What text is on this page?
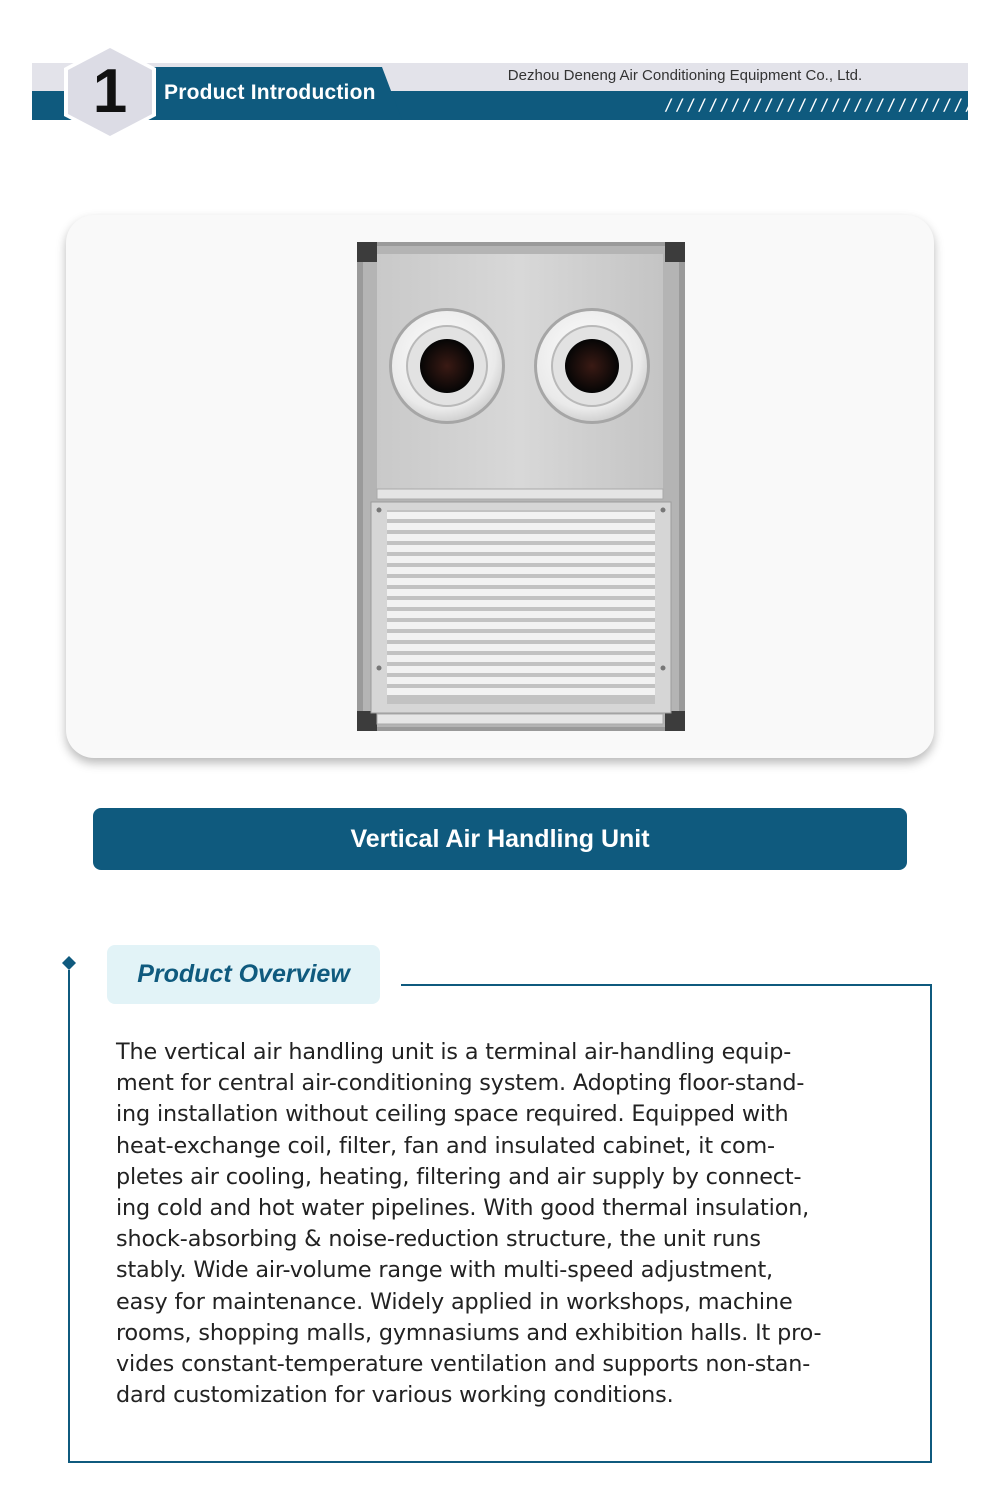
Product Introduction
1	Dezhou Deneng Air Conditioning Equipment Co., Ltd.
/////////////////////////////
Vertical Air Handling Unit
Product Overview

The vertical air handling unit is a terminal air-handling equip-
ment for central air-conditioning system. Adopting floor-stand-
ing installation without ceiling space required. Equipped with
heat-exchange coil, filter, fan and insulated cabinet, it com-
pletes air cooling, heating, filtering and air supply by connect-
ing cold and hot water pipelines. With good thermal insulation,
shock-absorbing & noise-reduction structure, the unit runs
stably. Wide air-volume range with multi-speed adjustment,
easy for maintenance. Widely applied in workshops, machine
rooms, shopping malls, gymnasiums and exhibition halls. It pro-
vides constant-temperature ventilation and supports non-stan-
dard customization for various working conditions.
